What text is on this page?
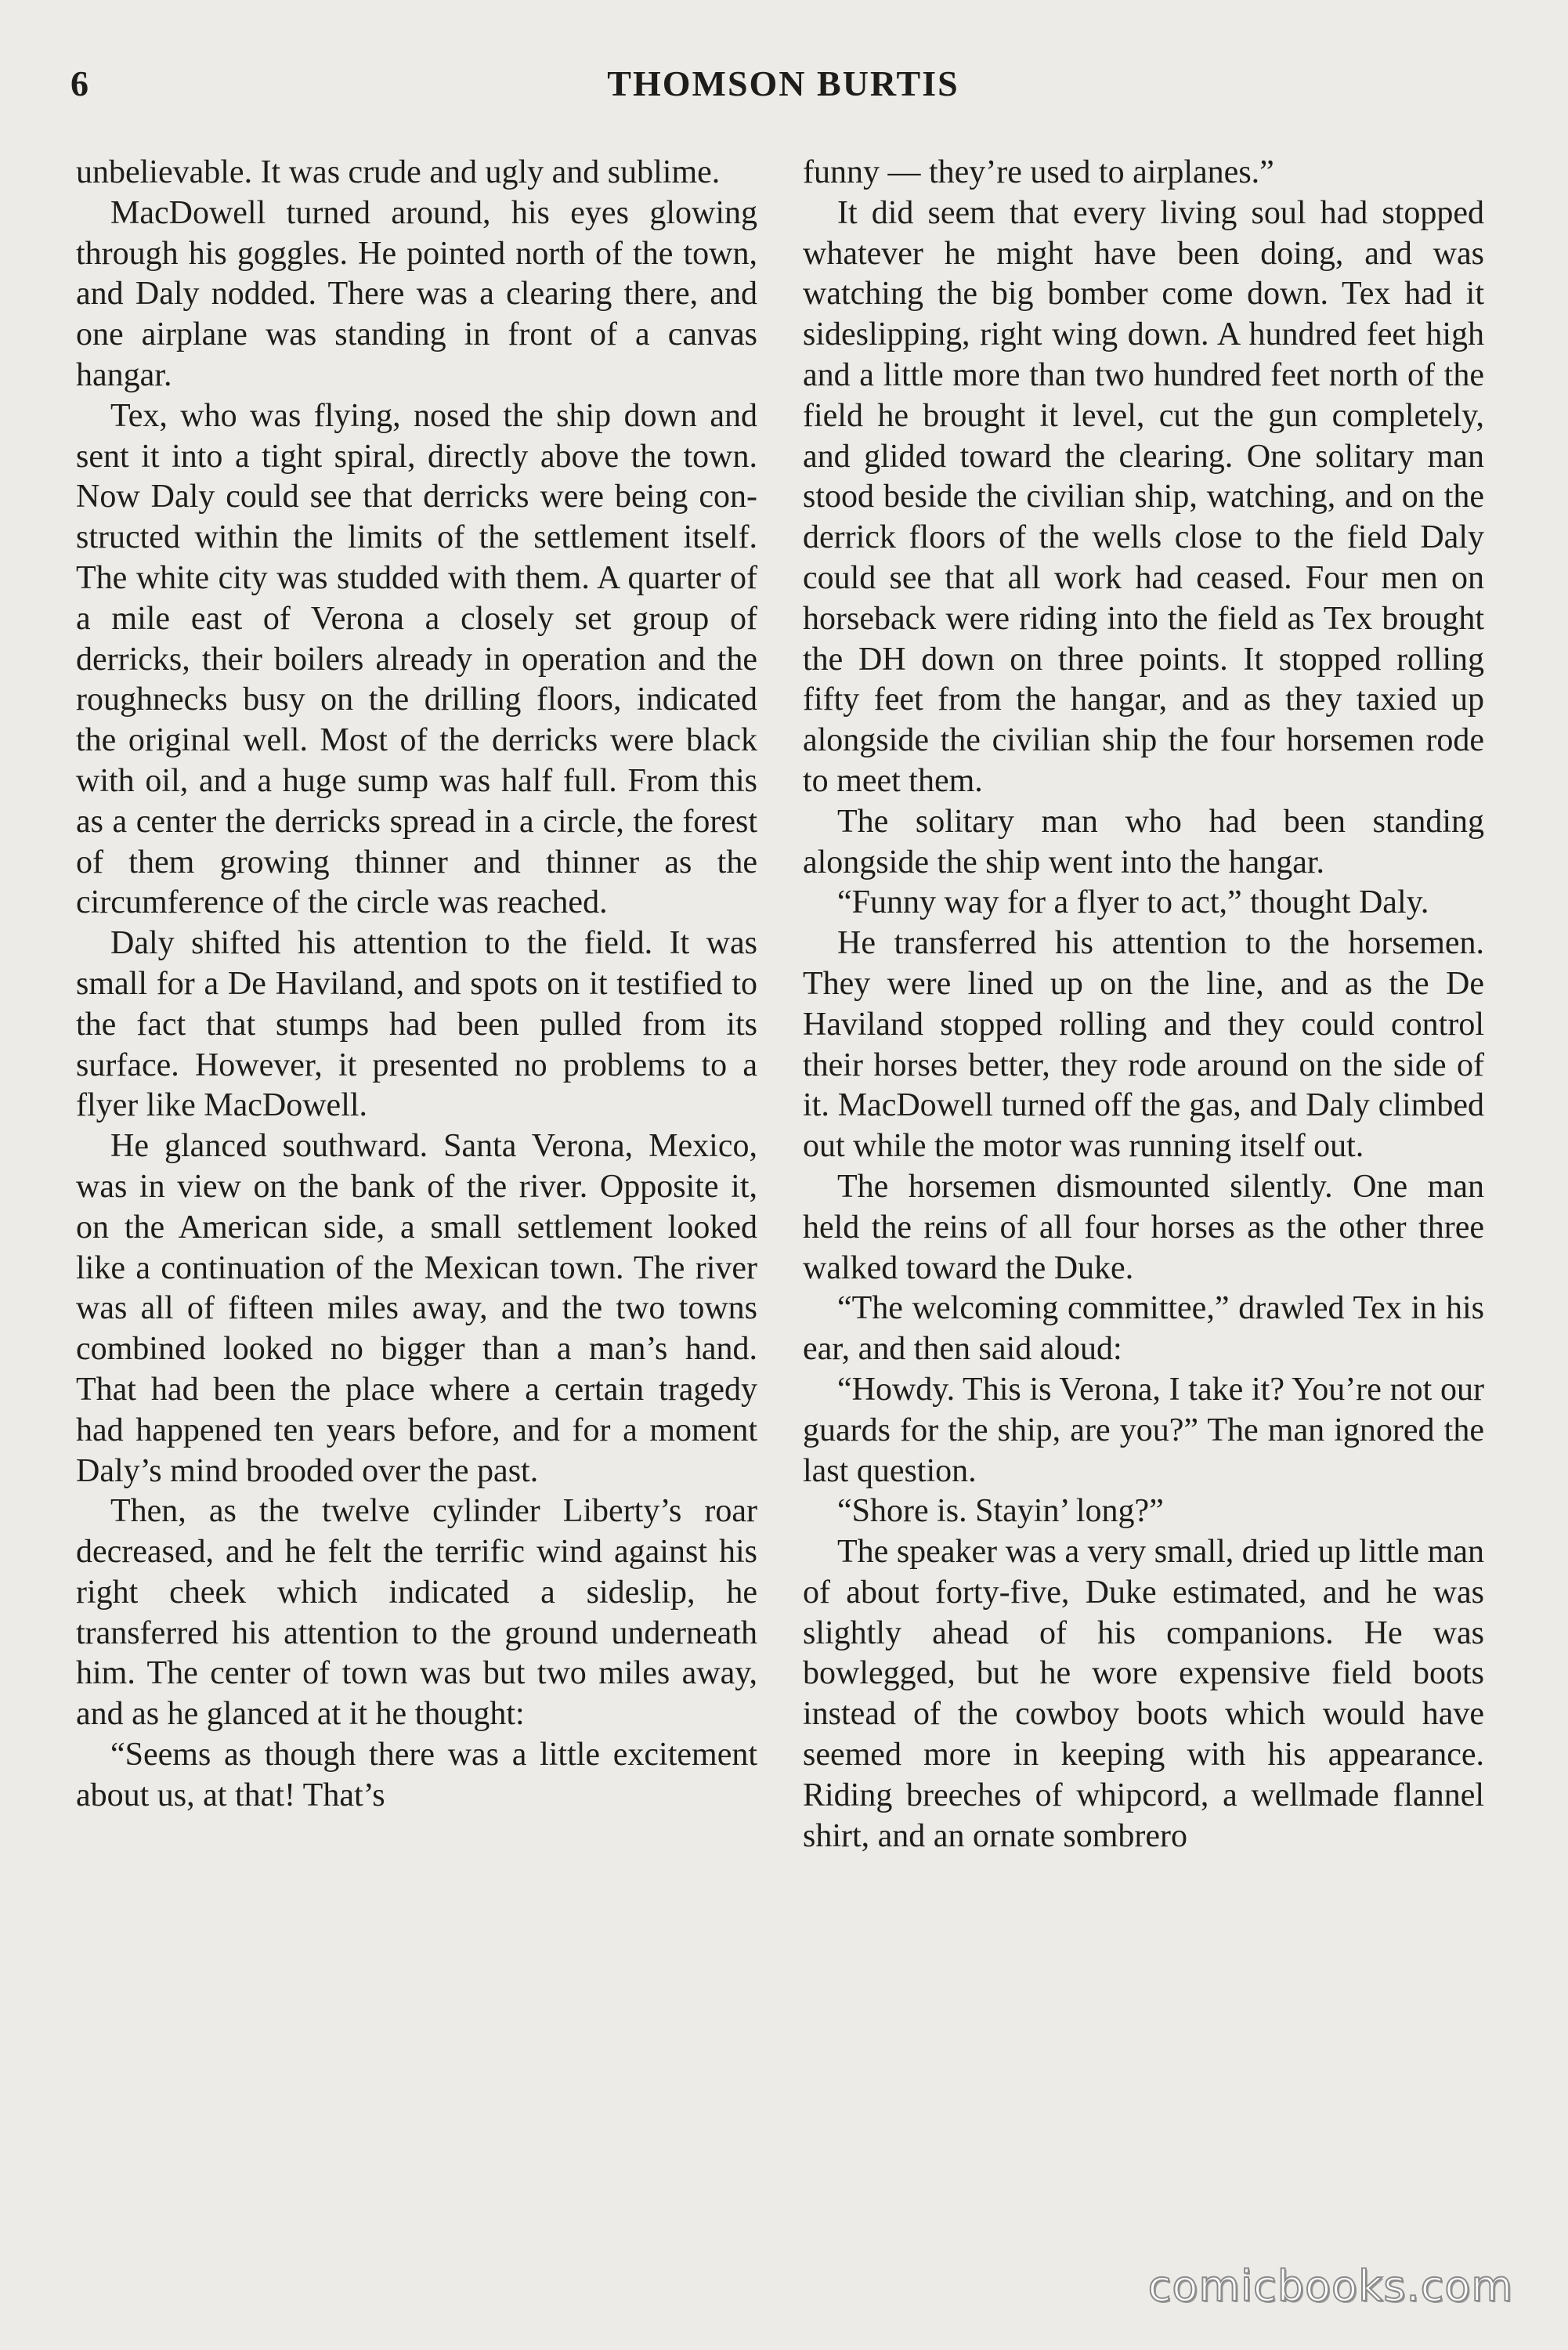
6	THOMSON BURTIS

unbelievable. It was crude and ugly and sublime.

MacDowell turned around, his eyes glowing through his goggles. He pointed north of the town, and Daly nodded. There was a clearing there, and one airplane was standing in front of a canvas hangar.

Tex, who was flying, nosed the ship down and sent it into a tight spiral, directly above the town. Now Daly could see that derricks were being constructed within the limits of the settlement itself. The white city was studded with them. A quarter of a mile east of Verona a closely set group of derricks, their boilers already in operation and the roughnecks busy on the drilling floors, indicated the original well. Most of the derricks were black with oil, and a huge sump was half full. From this as a center the derricks spread in a circle, the forest of them growing thinner and thinner as the circumference of the circle was reached.

Daly shifted his attention to the field. It was small for a De Haviland, and spots on it testified to the fact that stumps had been pulled from its surface. However, it presented no problems to a flyer like MacDowell.

He glanced southward. Santa Verona, Mexico, was in view on the bank of the river. Opposite it, on the American side, a small settlement looked like a continuation of the Mexican town. The river was all of fifteen miles away, and the two towns combined looked no bigger than a man’s hand. That had been the place where a certain tragedy had happened ten years before, and for a moment Daly’s mind brooded over the past.

Then, as the twelve cylinder Liberty’s roar decreased, and he felt the terrific wind against his right cheek which indicated a sideslip, he transferred his attention to the ground underneath him. The center of town was but two miles away, and as he glanced at it he thought:

“Seems as though there was a little excitement about us, at that! That’s

funny — they’re used to airplanes.”

It did seem that every living soul had stopped whatever he might have been doing, and was watching the big bomber come down. Tex had it sideslipping, right wing down. A hundred feet high and a little more than two hundred feet north of the field he brought it level, cut the gun completely, and glided toward the clearing. One solitary man stood beside the civilian ship, watching, and on the derrick floors of the wells close to the field Daly could see that all work had ceased. Four men on horseback were riding into the field as Tex brought the DH down on three points. It stopped rolling fifty feet from the hangar, and as they taxied up alongside the civilian ship the four horsemen rode to meet them.

The solitary man who had been standing alongside the ship went into the hangar.

“Funny way for a flyer to act,” thought Daly.

He transferred his attention to the horsemen. They were lined up on the line, and as the De Haviland stopped rolling and they could control their horses better, they rode around on the side of it. MacDowell turned off the gas, and Daly climbed out while the motor was running itself out.

The horsemen dismounted silently. One man held the reins of all four horses as the other three walked toward the Duke.

“The welcoming committee,” drawled Tex in his ear, and then said aloud:

“Howdy. This is Verona, I take it? You’re not our guards for the ship, are you?” The man ignored the last question.

“Shore is. Stayin’ long?”

The speaker was a very small, dried up little man of about forty-five, Duke estimated, and he was slightly ahead of his companions. He was bowlegged, but he wore expensive field boots instead of the cowboy boots which would have seemed more in keeping with his appearance. Riding breeches of whipcord, a wellmade flannel shirt, and an ornate sombrero

comicbooks.com
